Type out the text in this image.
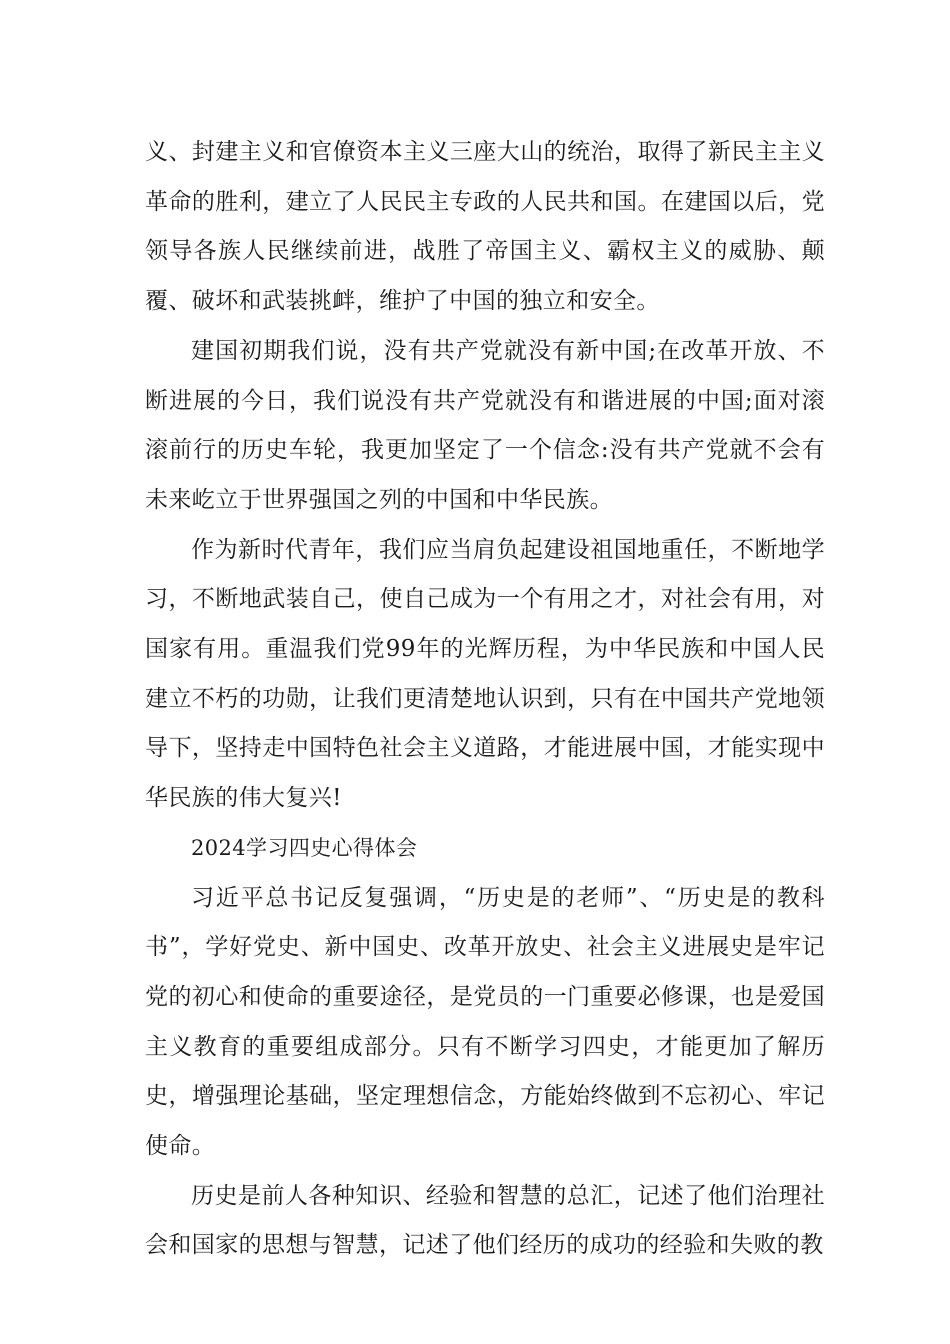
义、封建主义和官僚资本主义三座大山的统治，取得了新民主主义革命的胜利，建立了人民民主专政的人民共和国。在建国以后，党领导各族人民继续前进，战胜了帝国主义、霸权主义的威胁、颠覆、破坏和武装挑衅，维护了中国的独立和安全。

建国初期我们说，没有共产党就没有新中国;在改革开放、不断进展的今日，我们说没有共产党就没有和谐进展的中国;面对滚滚前行的历史车轮，我更加坚定了一个信念:没有共产党就不会有未来屹立于世界强国之列的中国和中华民族。

作为新时代青年，我们应当肩负起建设祖国地重任，不断地学习，不断地武装自己，使自己成为一个有用之才，对社会有用，对国家有用。重温我们党99年的光辉历程，为中华民族和中国人民建立不朽的功勋，让我们更清楚地认识到，只有在中国共产党地领导下，坚持走中国特色社会主义道路，才能进展中国，才能实现中华民族的伟大复兴!

2024学习四史心得体会

习近平总书记反复强调，“历史是的老师”、“历史是的教科书”，学好党史、新中国史、改革开放史、社会主义进展史是牢记党的初心和使命的重要途径，是党员的一门重要必修课，也是爱国主义教育的重要组成部分。只有不断学习四史，才能更加了解历史，增强理论基础，坚定理想信念，方能始终做到不忘初心、牢记使命。

历史是前人各种知识、经验和智慧的总汇，记述了他们治理社会和国家的思想与智慧，记述了他们经历的成功的经验和失败的教
